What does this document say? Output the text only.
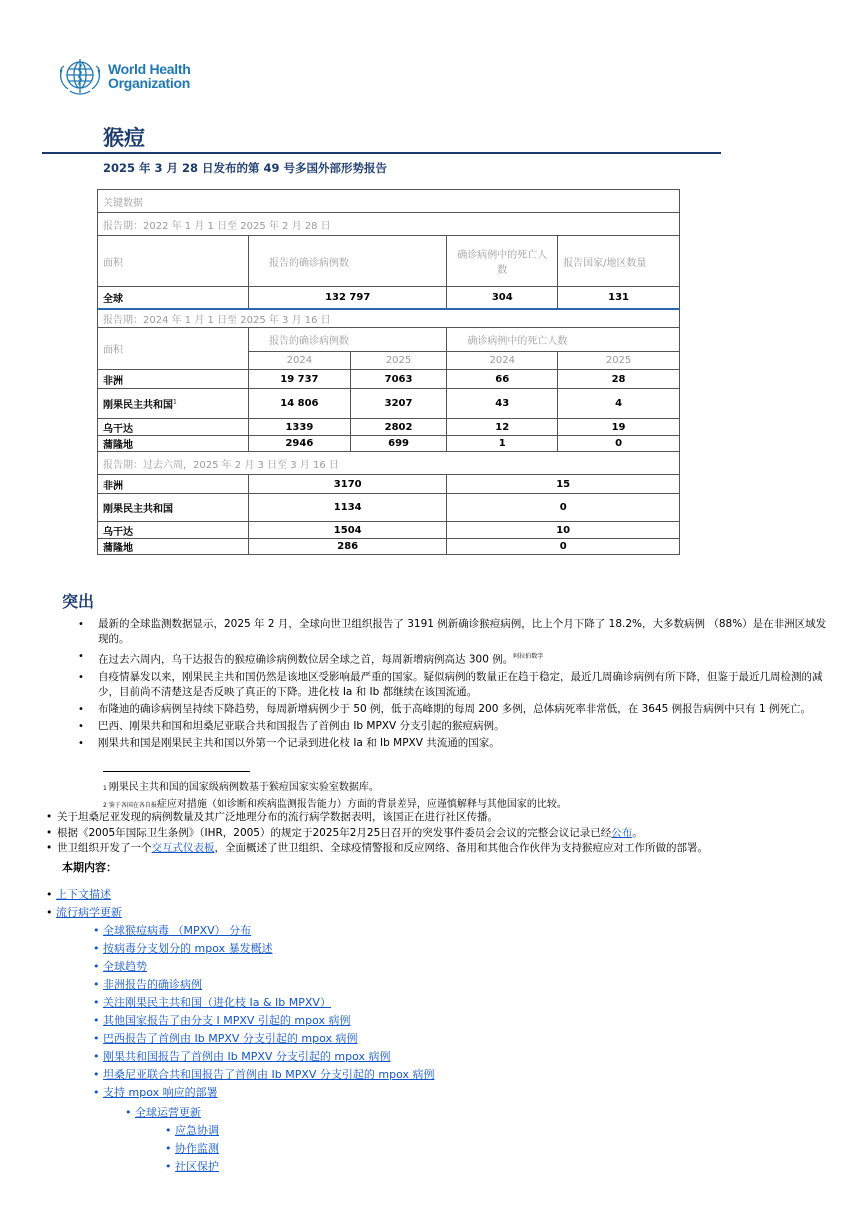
World Health
Organization
猴痘
2025 年 3 月 28 日发布的第 49 号多国外部形势报告
关键数据				
报告期：2022 年 1 月 1 日至 2025 年 2 月 28 日				
面积	报告的确诊病例数		确诊病例中的死亡人数	报告国家/地区数量
全球	132 797		304	131
报告期：2024 年 1 月 1 日至 2025 年 3 月 16 日				
面积	报告的确诊病例数		确诊病例中的死亡人数	
	2024	2025	2024	2025
非洲	19 737	7063	66	28
刚果民主共和国$^1$	14 806	3207	43	4
乌干达	1339	2802	12	19
蒲隆地	2946	699	1	0
报告期：过去六周，2025 年 2 月 3 日至 3 月 16 日				
非洲	3170		15	
刚果民主共和国	1134		0	
乌干达	1504		10	
蒲隆地	286		0	
突出
• 最新的全球监测数据显示，2025 年 2 月，全球向世卫组织报告了 3191 例新确诊猴痘病例，比上个月下降了 18.2%，大多数病例 （88%）是在非洲区域发现的。
• 在过去六周内，乌干达报告的猴痘确诊病例数位居全球之首，每周新增病例高达 300 例。$^{阿拉伯数字}$
• 自疫情暴发以来，刚果民主共和国仍然是该地区受影响最严重的国家。疑似病例的数量正在趋于稳定，最近几周确诊病例有所下降，但鉴于最近几周检测的减少，目前尚不清楚这是否反映了真正的下降。进化枝 Ia 和 Ib 都继续在该国流通。
• 布隆迪的确诊病例呈持续下降趋势，每周新增病例少于 50 例，低于高峰期的每周 200 多例，总体病死率非常低，在 3645 例报告病例中只有 1 例死亡。
• 巴西、刚果共和国和坦桑尼亚联合共和国报告了首例由 Ib MPXV 分支引起的猴痘病例。
• 刚果共和国是刚果民主共和国以外第一个记录到进化枝 Ia 和 Ib MPXV 共流通的国家。
1 刚果民主共和国的国家级病例数基于猴痘国家实验室数据库。
2 鉴于各国在各自报症应对措施（如诊断和疾病监测报告能力）方面的背景差异，应谨慎解释与其他国家的比较。
• 关于坦桑尼亚发现的病例数量及其广泛地理分布的流行病学数据表明，该国正在进行社区传播。
• 根据《2005年国际卫生条例》（IHR，2005）的规定于2025年2月25日召开的突发事件委员会会议的完整会议记录已经公布。
• 世卫组织开发了一个交互式仪表板，全面概述了世卫组织、全球疫情警报和反应网络、备用和其他合作伙伴为支持猴痘应对工作所做的部署。
本期内容：
• 上下文描述
• 流行病学更新
• 全球猴痘病毒 （MPXV） 分布
• 按病毒分支划分的 mpox 暴发概述
• 全球趋势
• 非洲报告的确诊病例
• 关注刚果民主共和国（进化枝 Ia & Ib MPXV）
• 其他国家报告了由分支 I MPXV 引起的 mpox 病例
• 巴西报告了首例由 Ib MPXV 分支引起的 mpox 病例
• 刚果共和国报告了首例由 Ib MPXV 分支引起的 mpox 病例
• 坦桑尼亚联合共和国报告了首例由 Ib MPXV 分支引起的 mpox 病例
• 支持 mpox 响应的部署
• 全球运营更新
• 应急协调
• 协作监测
• 社区保护
